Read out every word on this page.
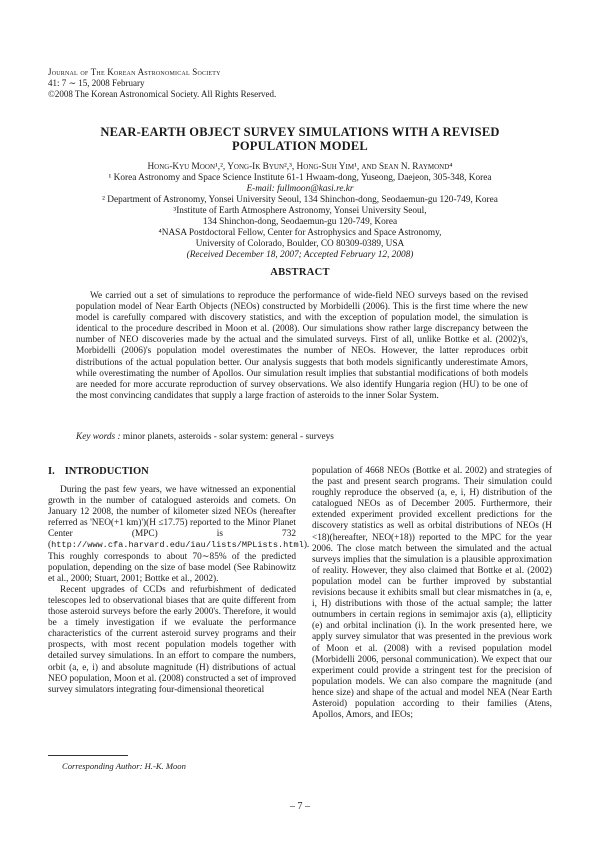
Journal of The Korean Astronomical Society
41: 7 ∼ 15, 2008 February
©2008 The Korean Astronomical Society. All Rights Reserved.
NEAR-EARTH OBJECT SURVEY SIMULATIONS WITH A REVISED
POPULATION MODEL
Hong-Kyu Moon¹,², Yong-Ik Byun²,³, Hong-Suh Yim¹, and Sean N. Raymond⁴
¹ Korea Astronomy and Space Science Institute 61-1 Hwaam-dong, Yuseong, Daejeon, 305-348, Korea
E-mail: fullmoon@kasi.re.kr
² Department of Astronomy, Yonsei University Seoul, 134 Shinchon-dong, Seodaemun-gu 120-749, Korea
³Institute of Earth Atmosphere Astronomy, Yonsei University Seoul,
134 Shinchon-dong, Seodaemun-gu 120-749, Korea
⁴NASA Postdoctoral Fellow, Center for Astrophysics and Space Astronomy,
University of Colorado, Boulder, CO 80309-0389, USA
(Received December 18, 2007; Accepted February 12, 2008)
ABSTRACT

We carried out a set of simulations to reproduce the performance of wide-field NEO surveys based on the revised population model of Near Earth Objects (NEOs) constructed by Morbidelli (2006). This is the first time where the new model is carefully compared with discovery statistics, and with the exception of population model, the simulation is identical to the procedure described in Moon et al. (2008). Our simulations show rather large discrepancy between the number of NEO discoveries made by the actual and the simulated surveys. First of all, unlike Bottke et al. (2002)'s, Morbidelli (2006)'s population model overestimates the number of NEOs. However, the latter reproduces orbit distributions of the actual population better. Our analysis suggests that both models significantly underestimate Amors, while overestimating the number of Apollos. Our simulation result implies that substantial modifications of both models are needed for more accurate reproduction of survey observations. We also identify Hungaria region (HU) to be one of the most convincing candidates that supply a large fraction of asteroids to the inner Solar System.

Key words : minor planets, asteroids - solar system: general - surveys
I. INTRODUCTION

During the past few years, we have witnessed an exponential growth in the number of catalogued asteroids and comets. On January 12 2008, the number of kilometer sized NEOs (hereafter referred as 'NEO(+1 km)')(H ≤17.75) reported to the Minor Planet Center (MPC) is 732 (http://www.cfa.harvard.edu/iau/lists/MPLists.html). This roughly corresponds to about 70∼85% of the predicted population, depending on the size of base model (See Rabinowitz et al., 2000; Stuart, 2001; Bottke et al., 2002).

Recent upgrades of CCDs and refurbishment of dedicated telescopes led to observational biases that are quite different from those asteroid surveys before the early 2000's. Therefore, it would be a timely investigation if we evaluate the performance characteristics of the current asteroid survey programs and their prospects, with most recent population models together with detailed survey simulations. In an effort to compare the numbers, orbit (a, e, i) and absolute magnitude (H) distributions of actual NEO population, Moon et al. (2008) constructed a set of improved survey simulators integrating four-dimensional theoretical

population of 4668 NEOs (Bottke et al. 2002) and strategies of the past and present search programs. Their simulation could roughly reproduce the observed (a, e, i, H) distribution of the catalogued NEOs as of December 2005. Furthermore, their extended experiment provided excellent predictions for the discovery statistics as well as orbital distributions of NEOs (H <18)(hereafter, NEO(+18)) reported to the MPC for the year 2006. The close match between the simulated and the actual surveys implies that the simulation is a plausible approximation of reality. However, they also claimed that Bottke et al. (2002) population model can be further improved by substantial revisions because it exhibits small but clear mismatches in (a, e, i, H) distributions with those of the actual sample; the latter outnumbers in certain regions in semimajor axis (a), ellipticity (e) and orbital inclination (i). In the work presented here, we apply survey simulator that was presented in the previous work of Moon et al. (2008) with a revised population model (Morbidelli 2006, personal communication). We expect that our experiment could provide a stringent test for the precision of population models. We can also compare the magnitude (and hence size) and shape of the actual and model NEA (Near Earth Asteroid) population according to their families (Atens, Apollos, Amors, and IEOs;

Corresponding Author: H.-K. Moon
– 7 –
